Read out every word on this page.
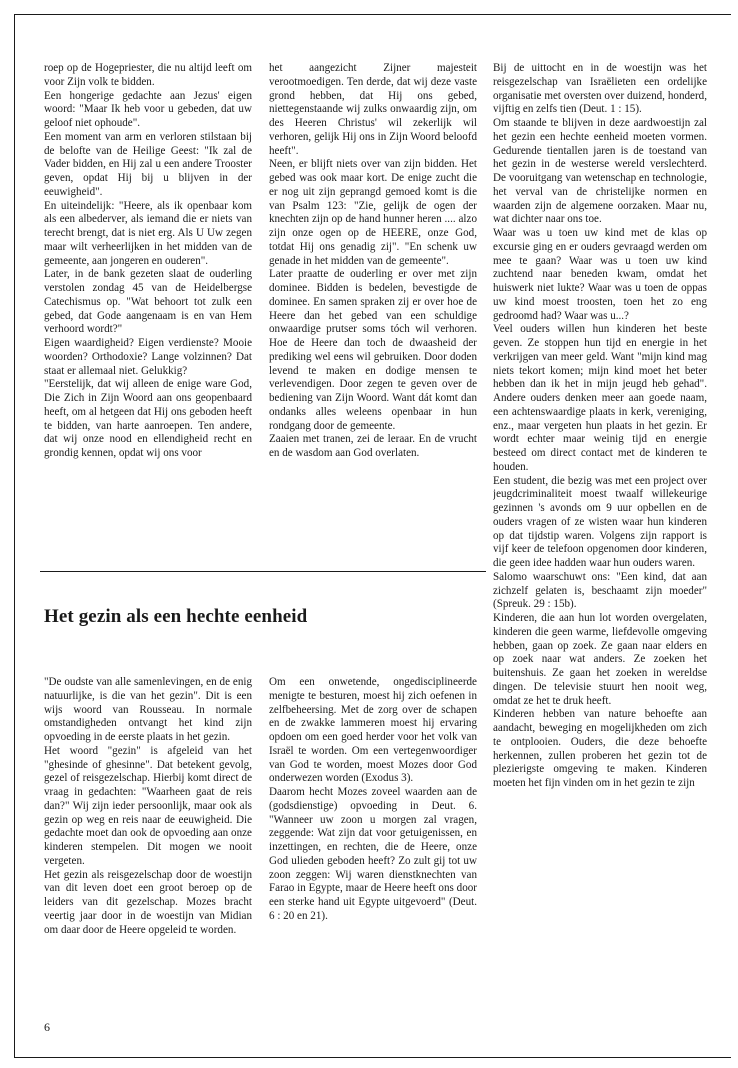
roep op de Hogepriester, die nu altijd leeft om voor Zijn volk te bidden.

Een hongerige gedachte aan Jezus' eigen woord: "Maar Ik heb voor u gebeden, dat uw geloof niet ophoude".

Een moment van arm en verloren stilstaan bij de belofte van de Heilige Geest: "Ik zal de Vader bidden, en Hij zal u een andere Trooster geven, opdat Hij bij u blijven in der eeuwigheid".

En uiteindelijk: "Heere, als ik openbaar kom als een albederver, als iemand die er niets van terecht brengt, dat is niet erg. Als U Uw zegen maar wilt verheerlijken in het midden van de gemeente, aan jongeren en ouderen".

Later, in de bank gezeten slaat de ouderling verstolen zondag 45 van de Heidelbergse Catechismus op. "Wat behoort tot zulk een gebed, dat Gode aangenaam is en van Hem verhoord wordt?"

Eigen waardigheid? Eigen verdienste? Mooie woorden? Orthodoxie? Lange volzinnen? Dat staat er allemaal niet. Gelukkig?

"Eerstelijk, dat wij alleen de enige ware God, Die Zich in Zijn Woord aan ons geopenbaard heeft, om al hetgeen dat Hij ons geboden heeft te bidden, van harte aanroepen. Ten andere, dat wij onze nood en ellendigheid recht en grondig kennen, opdat wij ons voor

het aangezicht Zijner majesteit verootmoedigen. Ten derde, dat wij deze vaste grond hebben, dat Hij ons gebed, niettegenstaande wij zulks onwaardig zijn, om des Heeren Christus' wil zekerlijk wil verhoren, gelijk Hij ons in Zijn Woord beloofd heeft".

Neen, er blijft niets over van zijn bidden. Het gebed was ook maar kort. De enige zucht die er nog uit zijn geprangd gemoed komt is die van Psalm 123: "Zie, gelijk de ogen der knechten zijn op de hand hunner heren .... alzo zijn onze ogen op de HEERE, onze God, totdat Hij ons genadig zij". "En schenk uw genade in het midden van de gemeente".

Later praatte de ouderling er over met zijn dominee. Bidden is bedelen, bevestigde de dominee. En samen spraken zij er over hoe de Heere dan het gebed van een schuldige onwaardige prutser soms tóch wil verhoren. Hoe de Heere dan toch de dwaasheid der prediking wel eens wil gebruiken. Door doden levend te maken en dodige mensen te verlevendigen. Door zegen te geven over de bediening van Zijn Woord. Want dát komt dan ondanks alles weleens openbaar in hun rondgang door de gemeente.

Zaaien met tranen, zei de leraar. En de vrucht en de wasdom aan God overlaten.

Het gezin als een hechte eenheid

"De oudste van alle samenlevingen, en de enig natuurlijke, is die van het gezin". Dit is een wijs woord van Rousseau. In normale omstandigheden ontvangt het kind zijn opvoeding in de eerste plaats in het gezin.

Het woord "gezin" is afgeleid van het "ghesinde of ghesinne". Dat betekent gevolg, gezel of reisgezelschap. Hierbij komt direct de vraag in gedachten: "Waarheen gaat de reis dan?" Wij zijn ieder persoonlijk, maar ook als gezin op weg en reis naar de eeuwigheid. Die gedachte moet dan ook de opvoeding aan onze kinderen stempelen. Dit mogen we nooit vergeten.

Het gezin als reisgezelschap door de woestijn van dit leven doet een groot beroep op de leiders van dit gezelschap. Mozes bracht veertig jaar door in de woestijn van Midian om daar door de Heere opgeleid te worden.

Om een onwetende, ongedisciplineerde menigte te besturen, moest hij zich oefenen in zelfbeheersing. Met de zorg over de schapen en de zwakke lammeren moest hij ervaring opdoen om een goed herder voor het volk van Israël te worden. Om een vertegenwoordiger van God te worden, moest Mozes door God onderwezen worden (Exodus 3).

Daarom hecht Mozes zoveel waarden aan de (godsdienstige) opvoeding in Deut. 6. "Wanneer uw zoon u morgen zal vragen, zeggende: Wat zijn dat voor getuigenissen, en inzettingen, en rechten, die de Heere, onze God ulieden geboden heeft? Zo zult gij tot uw zoon zeggen: Wij waren dienstknechten van Farao in Egypte, maar de Heere heeft ons door een sterke hand uit Egypte uitgevoerd" (Deut. 6 : 20 en 21).

Bij de uittocht en in de woestijn was het reisgezelschap van Israëlieten een ordelijke organisatie met oversten over duizend, honderd, vijftig en zelfs tien (Deut. 1 : 15).

Om staande te blijven in deze aardwoestijn zal het gezin een hechte eenheid moeten vormen. Gedurende tientallen jaren is de toestand van het gezin in de westerse wereld verslechterd. De vooruitgang van wetenschap en technologie, het verval van de christelijke normen en waarden zijn de algemene oorzaken. Maar nu, wat dichter naar ons toe.

Waar was u toen uw kind met de klas op excursie ging en er ouders gevraagd werden om mee te gaan? Waar was u toen uw kind zuchtend naar beneden kwam, omdat het huiswerk niet lukte? Waar was u toen de oppas uw kind moest troosten, toen het zo eng gedroomd had? Waar was u...?

Veel ouders willen hun kinderen het beste geven. Ze stoppen hun tijd en energie in het verkrijgen van meer geld. Want "mijn kind mag niets tekort komen; mijn kind moet het beter hebben dan ik het in mijn jeugd heb gehad". Andere ouders denken meer aan goede naam, een achtenswaardige plaats in kerk, vereniging, enz., maar vergeten hun plaats in het gezin. Er wordt echter maar weinig tijd en energie besteed om direct contact met de kinderen te houden.

Een student, die bezig was met een project over jeugdcriminaliteit moest twaalf willekeurige gezinnen 's avonds om 9 uur opbellen en de ouders vragen of ze wisten waar hun kinderen op dat tijdstip waren. Volgens zijn rapport is vijf keer de telefoon opgenomen door kinderen, die geen idee hadden waar hun ouders waren.

Salomo waarschuwt ons: "Een kind, dat aan zichzelf gelaten is, beschaamt zijn moeder" (Spreuk. 29 : 15b).

Kinderen, die aan hun lot worden overgelaten, kinderen die geen warme, liefdevolle omgeving hebben, gaan op zoek. Ze gaan naar elders en op zoek naar wat anders. Ze zoeken het buitenshuis. Ze gaan het zoeken in wereldse dingen. De televisie stuurt hen nooit weg, omdat ze het te druk heeft.

Kinderen hebben van nature behoefte aan aandacht, beweging en mogelijkheden om zich te ontplooien. Ouders, die deze behoefte herkennen, zullen proberen het gezin tot de plezierigste omgeving te maken. Kinderen moeten het fijn vinden om in het gezin te zijn

6
